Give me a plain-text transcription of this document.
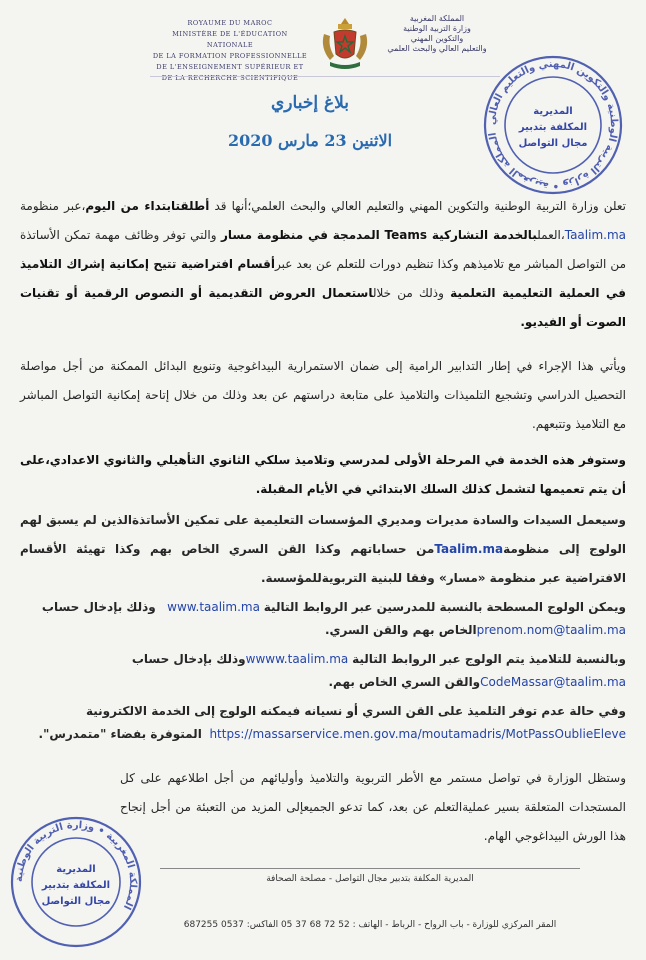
ROYAUME DU MAROC
MINISTÈRE DE L'ÉDUCATION NATIONALE
DE LA FORMATION PROFESSIONNELLE
DE L'ENSEIGNEMENT SUPÉRIEUR ET DE LA RECHERCHE SCIENTIFIQUE
المملكة المغربية
وزارة التربية الوطنية
والتكوين المهني
والتعليم العالي والبحث العلمي
المملكة المغربية • وزارة التربية الوطنية والتكوين المهني والتعليم العالي
المديرية
المكلفة بتدبير
مجال التواصل
بلاغ إخباري
الاثنين 23 مارس 2020
تعلن وزارة التربية الوطنية والتكوين المهني والتعليم العالي والبحث العلمي؛أنها قد أطلقتابتداء من اليوم،عبر منظومة Taalim.ma،العملبالخدمة التشاركية Teams المدمجة في منظومة مسار والتي توفر وظائف مهمة تمكن الأساتذة من التواصل المباشر مع تلاميذهم وكذا تنظيم دورات للتعلم عن بعد عبرأقسام افتراضية تتيح إمكانية إشراك التلاميذ في العملية التعليمية التعلمية وذلك من خلالاستعمال العروض التقديمية أو النصوص الرقمية أو تقنيات الصوت أو الفيديو.
ويأتي هذا الإجراء في إطار التدابير الرامية إلى ضمان الاستمرارية البيداغوجية وتنويع البدائل الممكنة من أجل مواصلة التحصيل الدراسي وتشجيع التلميذات والتلاميذ على متابعة دراستهم عن بعد وذلك من خلال إتاحة إمكانية التواصل المباشر مع التلاميذ وتتبعهم.
وستوفر هذه الخدمة في المرحلة الأولى لمدرسي وتلاميذ سلكي الثانوي التأهيلي والثانوي الاعدادي،على أن يتم تعميمها لتشمل كذلك السلك الابتدائي في الأيام المقبلة.
وسيعمل السيدات والسادة مديرات ومديري المؤسسات التعليمية على تمكين الأساتذةالذين لم يسبق لهم الولوج إلى منظومةTaalim.maمن حساباتهم وكذا القن السري الخاص بهم وكذا تهيئة الأقسام الافتراضية عبر منظومة «مسار» وفقا للبنية التربويةللمؤسسة.
ويمكن الولوج المسطحة بالنسبة للمدرسين عبر الروابط التالية www.taalim.ma   وذلك بإدخال حساب
prenom.nom@taalim.maالخاص بهم والقن السري.
وبالنسبة للتلاميذ يتم الولوج عبر الروابط التالية wwww.taalim.maوذلك بإدخال حساب
CodeMassar@taalim.maوالقن السري الخاص بهم.
وفي حالة عدم توفر التلميذ على القن السري أو نسيانه فيمكنه الولوج إلى الخدمة الالكترونية
https://massarservice.men.gov.ma/moutamadris/MotPassOublieEleve  المتوفرة بفضاء "متمدرس".
وستظل الوزارة في تواصل مستمر مع الأطر التربوية والتلاميذ وأوليائهم من أجل اطلاعهم على كل المستجدات المتعلقة بسير عمليةالتعلم عن بعد، كما تدعو الجميعإلى المزيد من التعبئة من أجل إنجاح هذا الورش البيداغوجي الهام.
المملكة المغربية • وزارة التربية الوطنية
المديرية
المكلفة بتدبير
مجال التواصل
المديرية المكلفة بتدبير مجال التواصل - مصلحة الصحافة
المقر المركزي للوزارة - باب الرواح - الرباط - الهاتف : 52 72 68 37 05 الفاكس: 0537 687255
